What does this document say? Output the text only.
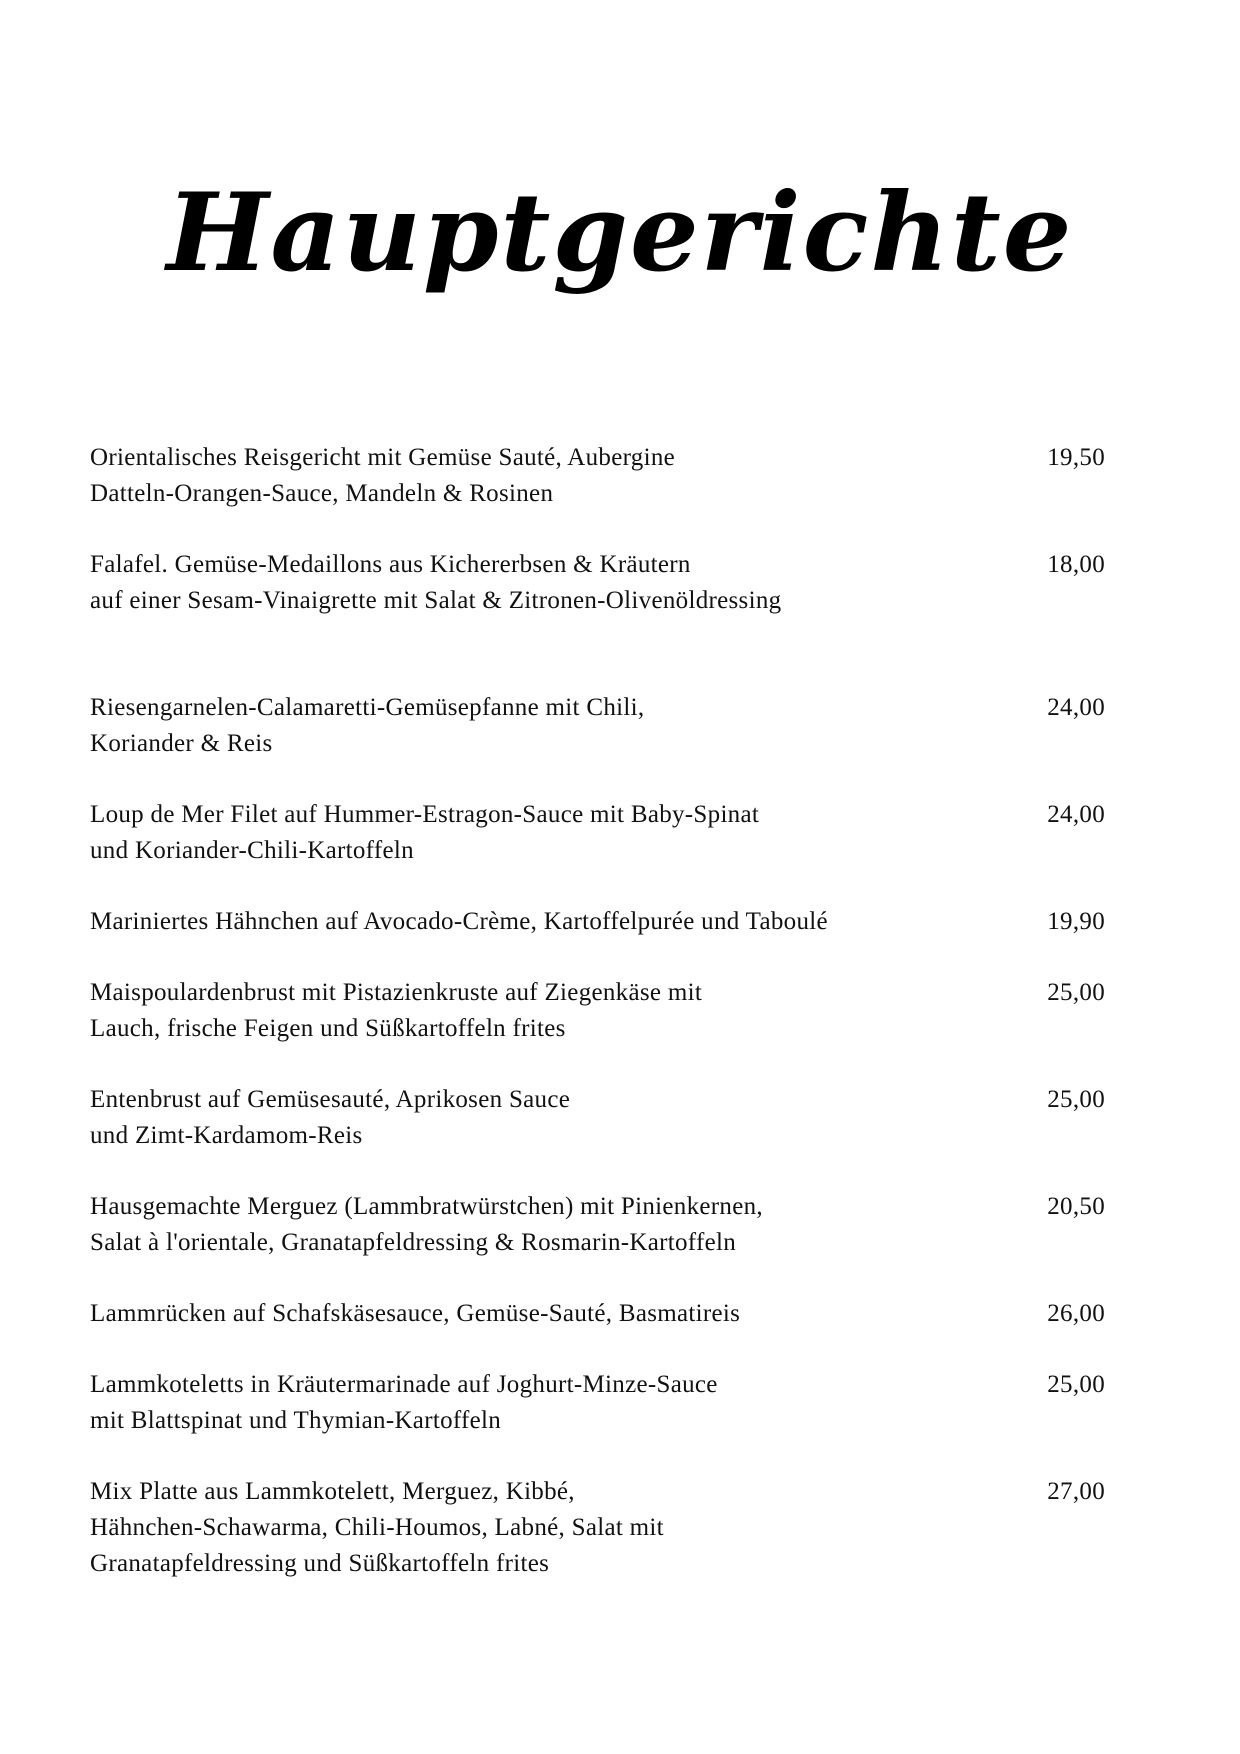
Hauptgerichte
Orientalisches Reisgericht mit Gemüse Sauté, Aubergine
Datteln-Orangen-Sauce, Mandeln & Rosinen
19,50
Falafel. Gemüse-Medaillons aus Kichererbsen & Kräutern
auf einer Sesam-Vinaigrette mit Salat & Zitronen-Olivenöldressing
18,00
Riesengarnelen-Calamaretti-Gemüsepfanne mit Chili,
Koriander & Reis
24,00
Loup de Mer Filet auf Hummer-Estragon-Sauce mit Baby-Spinat
und Koriander-Chili-Kartoffeln
24,00
Mariniertes Hähnchen auf Avocado-Crème, Kartoffelpurée und Taboulé	19,90
Maispoulardenbrust mit Pistazienkruste auf Ziegenkäse mit
Lauch, frische Feigen und Süßkartoffeln frites
25,00
Entenbrust auf Gemüsesauté, Aprikosen Sauce
und Zimt-Kardamom-Reis
25,00
Hausgemachte Merguez (Lammbratwürstchen) mit Pinienkernen,
Salat à l'orientale, Granatapfeldressing & Rosmarin-Kartoffeln
20,50
Lammrücken auf Schafskäsesauce, Gemüse-Sauté, Basmatireis	26,00
Lammkoteletts in Kräutermarinade auf Joghurt-Minze-Sauce
mit Blattspinat und Thymian-Kartoffeln
25,00
Mix Platte aus Lammkotelett, Merguez, Kibbé,
Hähnchen-Schawarma, Chili-Houmos, Labné, Salat mit
Granatapfeldressing und Süßkartoffeln frites
27,00
